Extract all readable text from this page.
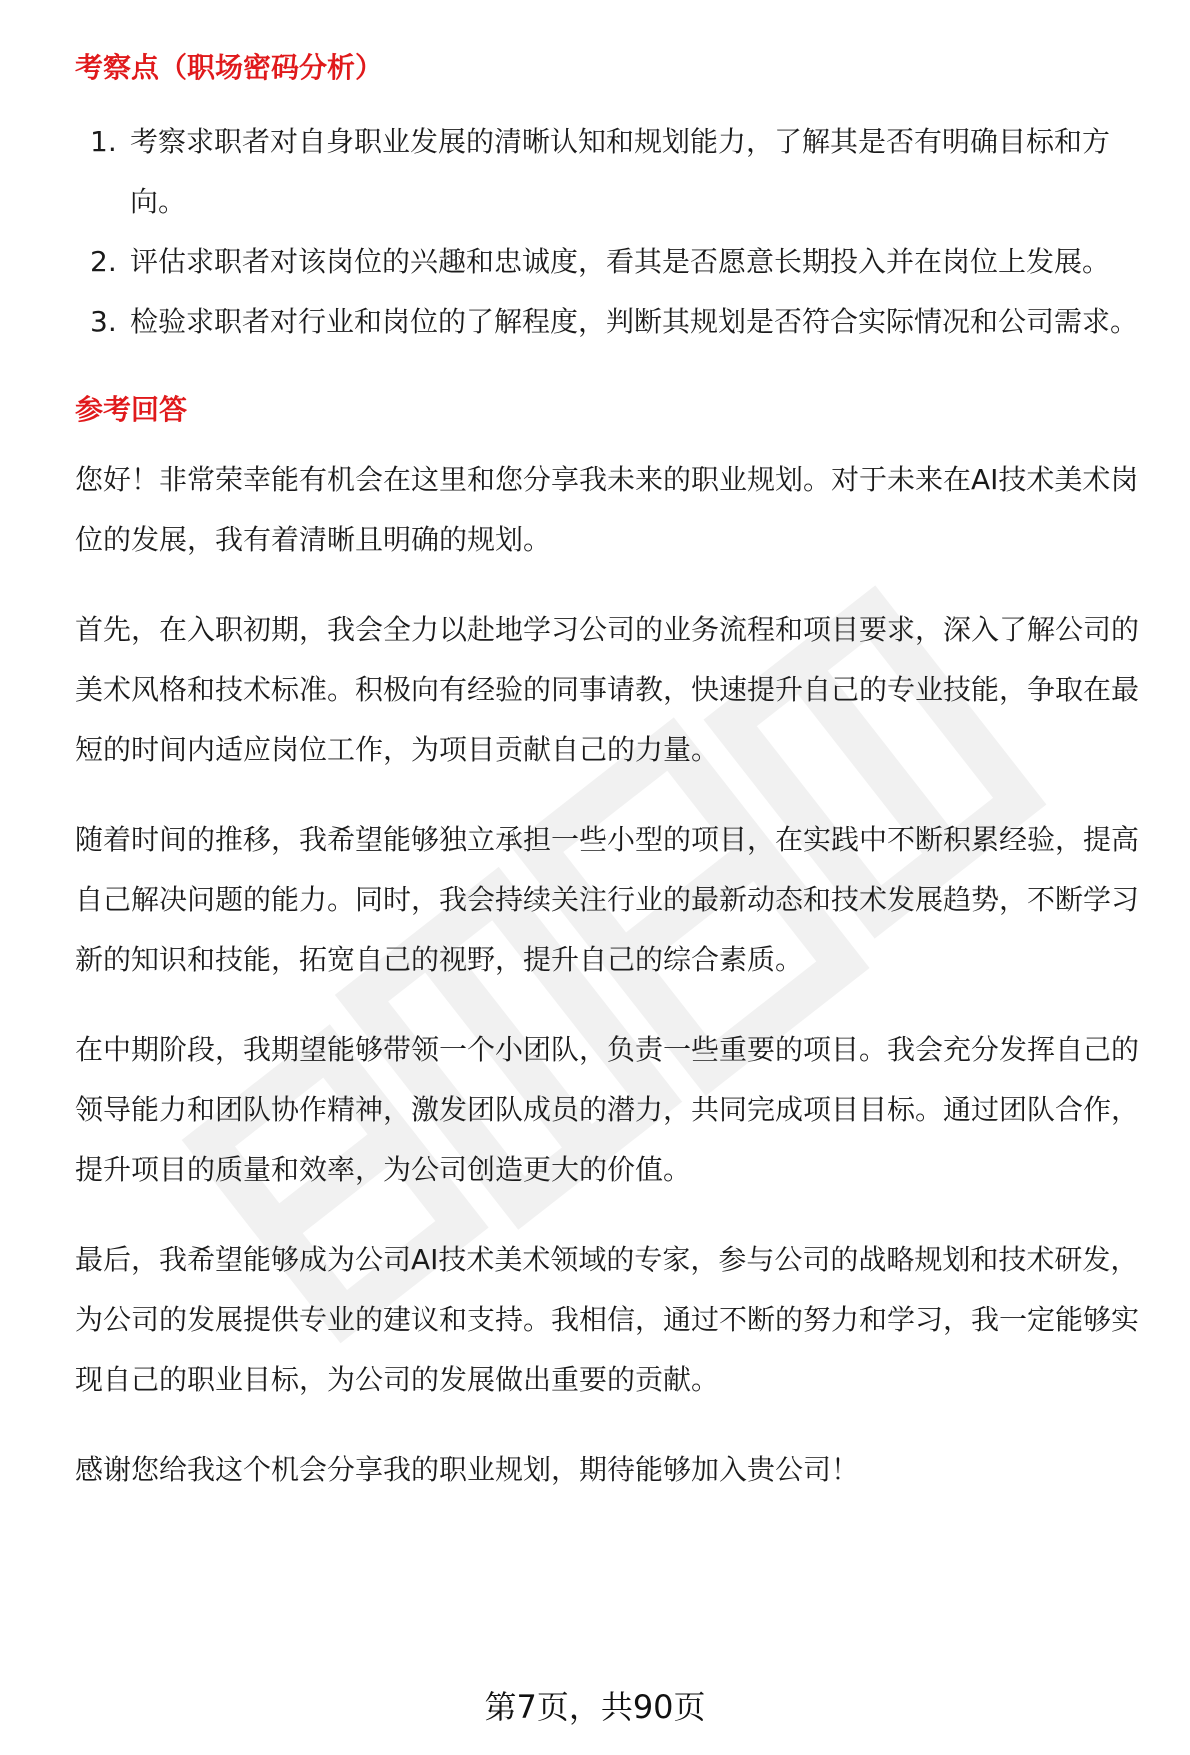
考察点（职场密码分析）
1. 考察求职者对自身职业发展的清晰认知和规划能力，了解其是否有明确目标和方向。
2. 评估求职者对该岗位的兴趣和忠诚度，看其是否愿意长期投入并在岗位上发展。
3. 检验求职者对行业和岗位的了解程度，判断其规划是否符合实际情况和公司需求。
参考回答

您好！非常荣幸能有机会在这里和您分享我未来的职业规划。对于未来在AI技术美术岗位的发展，我有着清晰且明确的规划。

首先，在入职初期，我会全力以赴地学习公司的业务流程和项目要求，深入了解公司的美术风格和技术标准。积极向有经验的同事请教，快速提升自己的专业技能，争取在最短的时间内适应岗位工作，为项目贡献自己的力量。

随着时间的推移，我希望能够独立承担一些小型的项目，在实践中不断积累经验，提高自己解决问题的能力。同时，我会持续关注行业的最新动态和技术发展趋势，不断学习新的知识和技能，拓宽自己的视野，提升自己的综合素质。

在中期阶段，我期望能够带领一个小团队，负责一些重要的项目。我会充分发挥自己的领导能力和团队协作精神，激发团队成员的潜力，共同完成项目目标。通过团队合作，提升项目的质量和效率，为公司创造更大的价值。

最后，我希望能够成为公司AI技术美术领域的专家，参与公司的战略规划和技术研发，为公司的发展提供专业的建议和支持。我相信，通过不断的努力和学习，我一定能够实现自己的职业目标，为公司的发展做出重要的贡献。

感谢您给我这个机会分享我的职业规划，期待能够加入贵公司！

第7页，共90页
